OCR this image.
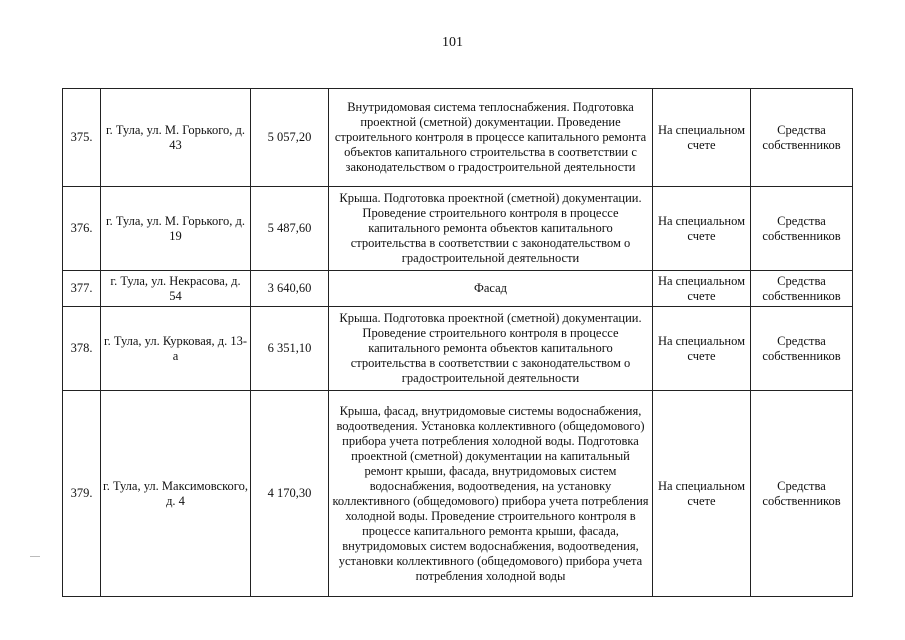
101
375.	г. Тула, ул. М. Горького, д. 43	5 057,20	Внутридомовая система теплоснабжения. Подготовка проектной (сметной) документации. Проведение строительного контроля в процессе капитального ремонта объектов капитального строительства в соответствии с законодательством о градостроительной деятельности	На специальном счете	Средства собственников
376.	г. Тула, ул. М. Горького, д. 19	5 487,60	Крыша. Подготовка проектной (сметной) документации. Проведение строительного контроля в процессе капитального ремонта объектов капитального строительства в соответствии с законодательством о градостроительной деятельности	На специальном счете	Средства собственников
377.	г. Тула, ул. Некрасова, д. 54	3 640,60	Фасад	На специальном счете	Средства собственников
378.	г. Тула, ул. Курковая, д. 13-а	6 351,10	Крыша. Подготовка проектной (сметной) документации. Проведение строительного контроля в процессе капитального ремонта объектов капитального строительства в соответствии с законодательством о градостроительной деятельности	На специальном счете	Средства собственников
379.	г. Тула, ул. Максимовского, д. 4	4 170,30	Крыша, фасад, внутридомовые системы водоснабжения, водоотведения. Установка коллективного (общедомового) прибора учета потребления холодной воды. Подготовка проектной (сметной) документации на капитальный ремонт крыши, фасада, внутридомовых систем водоснабжения, водоотведения, на установку коллективного (общедомового) прибора учета потребления холодной воды. Проведение строительного контроля в процессе капитального ремонта крыши, фасада, внутридомовых систем водоснабжения, водоотведения, установки коллективного (общедомового) прибора учета потребления холодной воды	На специальном счете	Средства собственников
